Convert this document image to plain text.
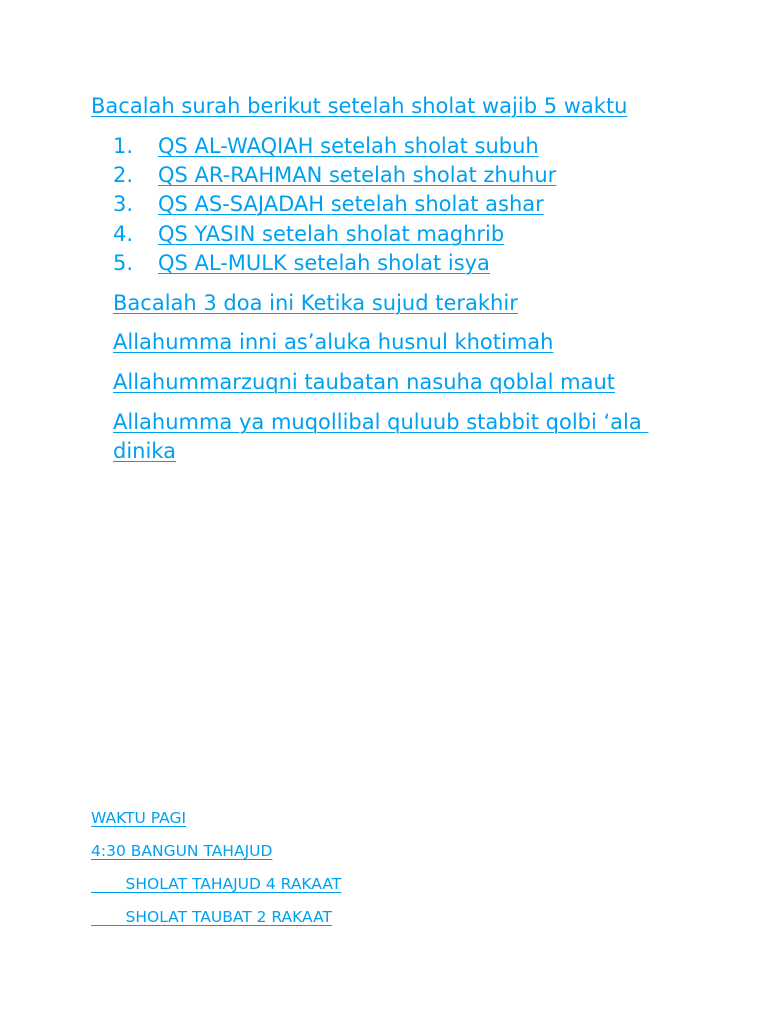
Bacalah surah berikut setelah sholat wajib 5 waktu
1.	QS AL-WAQIAH setelah sholat subuh
2.	QS AR-RAHMAN setelah sholat zhuhur
3.	QS AS-SAJADAH setelah sholat ashar
4.	QS YASIN setelah sholat maghrib
5.	QS AL-MULK setelah sholat isya
Bacalah 3 doa ini Ketika sujud terakhir
Allahumma inni as’aluka husnul khotimah
Allahummarzuqni taubatan nasuha qoblal maut
Allahumma ya muqollibal quluub stabbit qolbi ‘ala dinika
WAKTU PAGI
4:30 BANGUN TAHAJUD
SHOLAT TAHAJUD 4 RAKAAT
SHOLAT TAUBAT 2 RAKAAT
